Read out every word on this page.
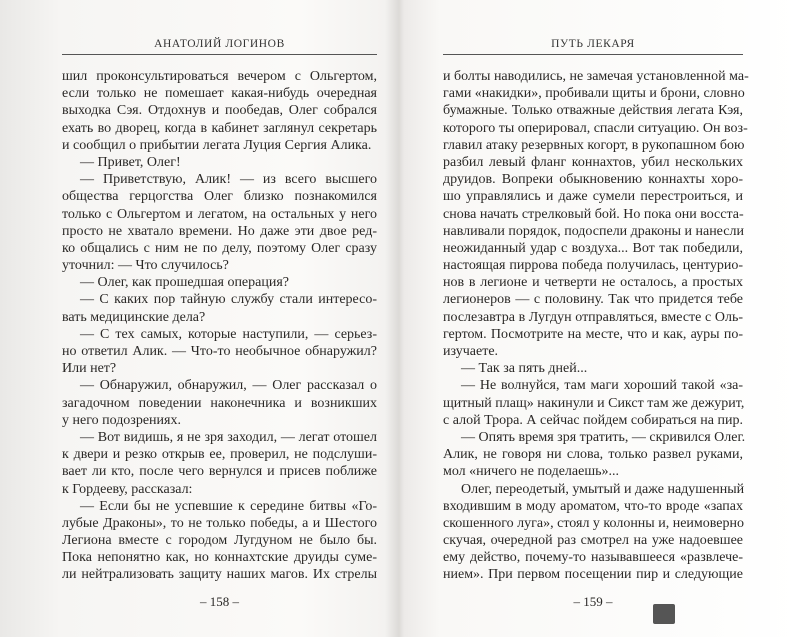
АНАТОЛИЙ ЛОГИНОВ
шил проконсультироваться вечером с Ольгертом,
если только не помешает какая-нибудь очередная
выходка Сэя. Отдохнув и пообедав, Олег собрался
ехать во дворец, когда в кабинет заглянул секретарь
и сообщил о прибытии легата Луция Сергия Алика.
— Привет, Олег!
— Приветствую, Алик! — из всего высшего
общества герцогства Олег близко познакомился
только с Ольгертом и легатом, на остальных у него
просто не хватало времени. Но даже эти двое ред-
ко общались с ним не по делу, поэтому Олег сразу
уточнил: — Что случилось?
— Олег, как прошедшая операция?
— С каких пор тайную службу стали интересо-
вать медицинские дела?
— С тех самых, которые наступили, — серьез-
но ответил Алик. — Что-то необычное обнаружил?
Или нет?
— Обнаружил, обнаружил, — Олег рассказал о
загадочном поведении наконечника и возникших
у него подозрениях.
— Вот видишь, я не зря заходил, — легат отошел
к двери и резко открыв ее, проверил, не подслуши-
вает ли кто, после чего вернулся и присев поближе
к Гордееву, рассказал:
— Если бы не успевшие к середине битвы «Го-
лубые Драконы», то не только победы, а и Шестого
Легиона вместе с городом Лугдуном не было бы.
Пока непонятно как, но коннахтские друиды суме-
ли нейтрализовать защиту наших магов. Их стрелы
– 158 –
ПУТЬ ЛЕКАРЯ
и болты наводились, не замечая установленной ма-
гами «накидки», пробивали щиты и брони, словно
бумажные. Только отважные действия легата Кэя,
которого ты оперировал, спасли ситуацию. Он воз-
главил атаку резервных когорт, в рукопашном бою
разбил левый фланг коннахтов, убил нескольких
друидов. Вопреки обыкновению коннахты хоро-
шо управлялись и даже сумели перестроиться, и
снова начать стрелковый бой. Но пока они восста-
навливали порядок, подоспели драконы и нанесли
неожиданный удар с воздуха... Вот так победили,
настоящая пиррова победа получилась, центурио-
нов в легионе и четверти не осталось, а простых
легионеров — с половину. Так что придется тебе
послезавтра в Лугдун отправляться, вместе с Оль-
гертом. Посмотрите на месте, что и как, ауры по-
изучаете.
— Так за пять дней...
— Не волнуйся, там маги хороший такой «за-
щитный плащ» накинули и Сикст там же дежурит,
с алой Трора. А сейчас пойдем собираться на пир.
— Опять время зря тратить, — скривился Олег.
Алик, не говоря ни слова, только развел руками,
мол «ничего не поделаешь»...
Олег, переодетый, умытый и даже надушенный
входившим в моду ароматом, что-то вроде «запах
скошенного луга», стоял у колонны и, неимоверно
скучая, очередной раз смотрел на уже надоевшее
ему действо, почему-то называвшееся «развлече-
нием». При первом посещении пир и следующие
– 159 –
